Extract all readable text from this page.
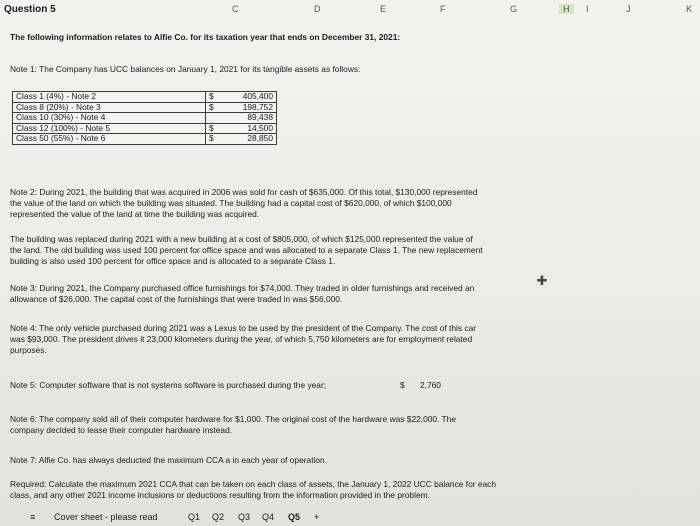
C	D	E	F	G	H	I	J	K
Question 5
The following information relates to Alfie Co. for its taxation year that ends on December 31, 2021:
Note 1: The Company has UCC balances on January 1, 2021 for its tangible assets as follows:
Class 1 (4%) - Note 2	$	405,400
Class 8 (20%) - Note 3	$	198,752
Class 10 (30%) - Note 4		89,438
Class 12 (100%) - Note 5	$	14,500
Class 50 (55%) - Note 6	$	28,850
Note 2: During 2021, the building that was acquired in 2006 was sold for cash of $635,000. Of this total, $130,000 represented
the value of the land on which the building was situated. The building had a capital cost of $620,000, of which $100,000
represented the value of the land at time the building was acquired.
The building was replaced during 2021 with a new building at a cost of $805,000, of which $125,000 represented the value of
the land. The old building was used 100 percent for office space and was allocated to a separate Class 1. The new replacement
building is also used 100 percent for office space and is allocated to a separate Class 1.
✚
Note 3: During 2021, the Company purchased office furnishings for $74,000. They traded in older furnishings and received an
allowance of $26,000. The capital cost of the furnishings that were traded in was $56,000.
Note 4: The only vehicle purchased during 2021 was a Lexus to be used by the president of the Company. The cost of this car
was $93,000. The president drives it 23,000 kilometers during the year, of which 5,750 kilometers are for employment related
purposes.
Note 5: Computer software that is not systems software is purchased during the year;	$ 2,760
Note 6: The company sold all of their computer hardware for $1,000. The original cost of the hardware was $22,000. The
company decided to lease their computer hardware instead.
Note 7: Alfie Co. has always deducted the maximum CCA a in each year of operation.
Required: Calculate the maximum 2021 CCA that can be taken on each class of assets, the January 1, 2022 UCC balance for each
class, and any other 2021 income inclusions or deductions resulting from the information provided in the problem.
≡ Cover sheet - please read	Q1 Q2 Q3 Q4 Q5 +
